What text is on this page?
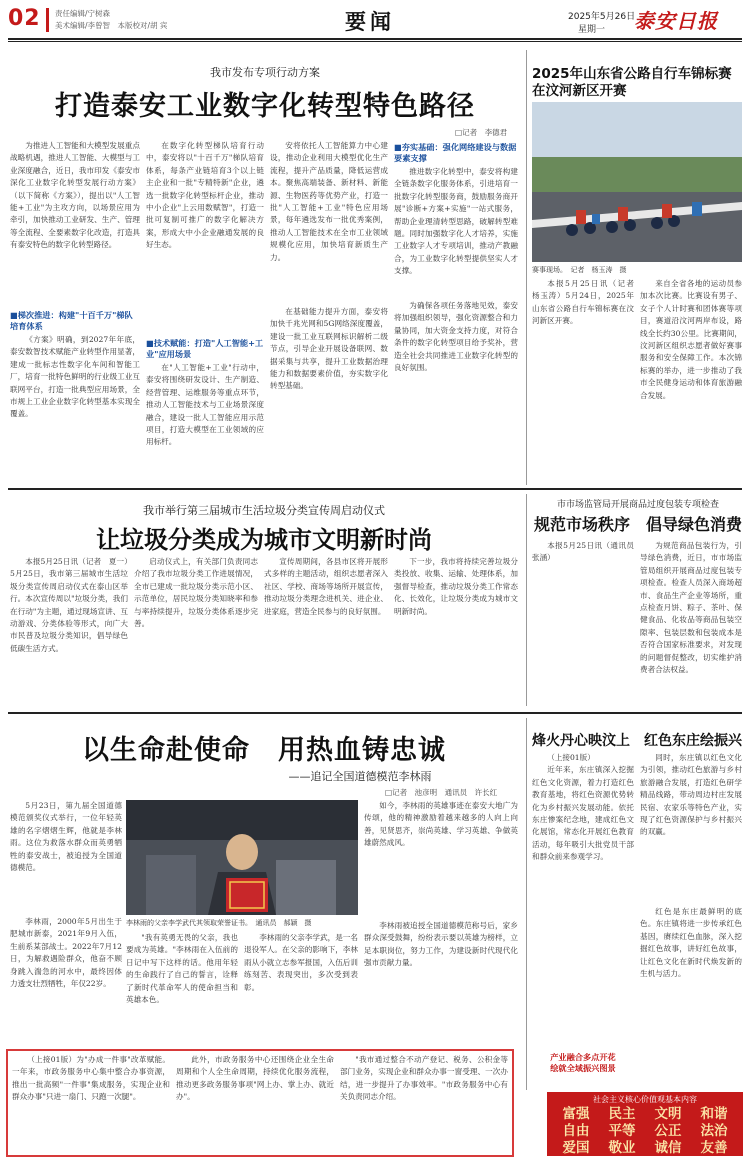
02 责任编辑/宁树森
美术编辑/李曾智　本版校对/胡 宾	要闻	2025年5月26日
星期一 泰安日报
我市发布专项行动方案
打造泰安工业数字化转型特色路径
□记者　李德君

为推进人工智能和大模型发展重点战略机遇，推进人工智能、大模型与工业深度融合，近日，我市印发《泰安市深化工业数字化转型发展行动方案》（以下简称《方案》），提出以"人工智能+工业"为主攻方向，以场景应用为牵引，加快推动工业研发、生产、管理等全流程、全要素数字化改造，打造具有泰安特色的数字化转型路径。

■梯次推进：构建"十百千万"梯队培育体系

《方案》明确，到2027年年底，泰安数智技术赋能产业转型作用显著，建成一批标志性数字化车间和智能工厂，培育一批特色鲜明的行业级工业互联网平台，打造一批典型应用场景，全市规上工业企业数字化转型基本实现全覆盖。

在数字化转型梯队培育行动中，泰安将以"十百千万"梯队培育体系，每条产业链培育3个以上链主企业和一批"专精特新"企业，遴选一批数字化转型标杆企业，推动中小企业"上云用数赋智"，打造一批可复制可推广的数字化解决方案，形成大中小企业融通发展的良好生态。

■技术赋能：打造"人工智能+工业"应用场景

在"人工智能+工业"行动中，泰安将围绕研发设计、生产制造、经营管理、运维服务等重点环节，推动人工智能技术与工业场景深度融合，建设一批人工智能应用示范项目，打造大模型在工业领域的应用标杆。

安将依托人工智能算力中心建设，推动企业利用大模型优化生产流程，提升产品质量，降低运营成本。聚焦高端装备、新材料、新能源、生物医药等优势产业，打造一批"人工智能+工业"特色应用场景，每年遴选发布一批优秀案例，推动人工智能技术在全市工业领域规模化应用，加快培育新质生产力。

在基础能力提升方面，泰安将加快千兆光网和5G网络深度覆盖，建设一批工业互联网标识解析二级节点，引导企业开展设备联网、数据采集与共享，提升工业数据治理能力和数据要素价值，夯实数字化转型基础。

■夯实基础：强化网络建设与数据要素支撑

推进数字化转型中，泰安将构建全链条数字化服务体系，引进培育一批数字化转型服务商，鼓励服务商开展"诊断+方案+实施"一站式服务，帮助企业理清转型思路，破解转型难题。同时加强数字化人才培养，实施工业数字人才专项培训，推动产教融合，为工业数字化转型提供坚实人才支撑。

为确保各项任务落地见效，泰安将加强组织领导，强化资源整合和力量协同，加大资金支持力度，对符合条件的数字化转型项目给予奖补，营造全社会共同推进工业数字化转型的良好氛围。

2025年山东省公路自行车锦标赛在汶河新区开赛
赛事现场。　记者　杨玉涛　摄

本报5月25日讯（记者　杨玉涛）5月24日，2025年山东省公路自行车锦标赛在汶河新区开赛。

来自全省各地的运动员参加本次比赛。比赛设有男子、女子个人计时赛和团体赛等项目，赛道沿汶河两岸布设，路线全长约30公里。比赛期间，汶河新区组织志愿者做好赛事服务和安全保障工作。本次锦标赛的举办，进一步推动了我市全民健身运动和体育旅游融合发展。

我市举行第三届城市生活垃圾分类宣传周启动仪式
让垃圾分类成为城市文明新时尚

本报5月25日讯（记者　夏一）5月25日，我市第三届城市生活垃圾分类宣传周启动仪式在泰山区举行。本次宣传周以"垃圾分类，我们在行动"为主题，通过现场宣讲、互动游戏、分类体验等形式，向广大市民普及垃圾分类知识，倡导绿色低碳生活方式。

启动仪式上，有关部门负责同志介绍了我市垃圾分类工作进展情况，全市已建成一批垃圾分类示范小区、示范单位，居民垃圾分类知晓率和参与率持续提升，垃圾分类体系逐步完善。

宣传周期间，各县市区将开展形式多样的主题活动，组织志愿者深入社区、学校、商场等场所开展宣传，推动垃圾分类理念进机关、进企业、进家庭，营造全民参与的良好氛围。

下一步，我市将持续完善垃圾分类投放、收集、运输、处理体系，加强督导检查，推动垃圾分类工作常态化、长效化，让垃圾分类成为城市文明新时尚。

市市场监管局开展商品过度包装专项检查
规范市场秩序　倡导绿色消费

本报5月25日讯（通讯员　张涵）

为规范商品包装行为，引导绿色消费，近日，市市场监管局组织开展商品过度包装专项检查。检查人员深入商场超市、食品生产企业等场所，重点检查月饼、粽子、茶叶、保健食品、化妆品等商品包装空隙率、包装层数和包装成本是否符合国家标准要求，对发现的问题督促整改，切实维护消费者合法权益。

以生命赴使命　用热血铸忠诚
——追记全国道德模范李林雨
□记者　池彦明　通讯员　许长红

5月23日，第九届全国道德模范颁奖仪式举行，一位年轻英雄的名字熠熠生辉，他就是李林雨。这位为救落水群众而英勇牺牲的泰安战士，被追授为全国道德模范。

李林雨，2000年5月出生于肥城市新泰，2021年9月入伍，生前系某部战士。2022年7月12日，为解救遇险群众，他奋不顾身跳入湍急的河水中，最终因体力透支壮烈牺牲，年仅22岁。

李林雨的父亲李学武代其领取荣誉证书。　通讯员　郝颖　摄

"我有英勇无畏的父亲，我也要成为英雄。"李林雨在入伍前的日记中写下这样的话。他用年轻的生命践行了自己的誓言，诠释了新时代革命军人的使命担当和英雄本色。

李林雨的父亲李学武，是一名退役军人。在父亲的影响下，李林雨从小就立志参军报国，入伍后训练刻苦、表现突出，多次受到表彰。

如今，李林雨的英雄事迹在泰安大地广为传颂，他的精神激励着越来越多的人向上向善，见贤思齐，崇尚英雄、学习英雄、争做英雄蔚然成风。

李林雨被追授全国道德模范称号后，家乡群众深受鼓舞，纷纷表示要以英雄为榜样，立足本职岗位，努力工作，为建设新时代现代化强市贡献力量。

烽火丹心映汶上　红色东庄绘振兴

（上接01版）

近年来，东庄镇深入挖掘红色文化资源，着力打造红色教育基地，将红色资源优势转化为乡村振兴发展动能。依托东庄惨案纪念地，建成红色文化展馆，常态化开展红色教育活动，每年吸引大批党员干部和群众前来参观学习。

同时，东庄镇以红色文化为引领，推动红色旅游与乡村旅游融合发展，打造红色研学精品线路，带动周边村庄发展民宿、农家乐等特色产业，实现了红色资源保护与乡村振兴的双赢。

红色是东庄最鲜明的底色。东庄镇将进一步传承红色基因，赓续红色血脉，深入挖掘红色故事，讲好红色故事，让红色文化在新时代焕发新的生机与活力。

产业融合多点开花
绘就全域振兴图景

（上接01版）为"办成一件事"改革赋能。一年来，市政务服务中心集中整合办事资源，推出一批高频"一件事"集成服务，实现企业和群众办事"只进一扇门、只跑一次腿"。

此外，市政务服务中心还围绕企业全生命周期和个人全生命周期，持续优化服务流程，推动更多政务服务事项"网上办、掌上办、就近办"。

"我市通过整合不动产登记、税务、公积金等部门业务，实现企业和群众办事一窗受理、一次办结，进一步提升了办事效率。"市政务服务中心有关负责同志介绍。	社会主义核心价值观基本内容
富强	民主	文明	和谐
自由	平等	公正	法治
爱国	敬业	诚信	友善
